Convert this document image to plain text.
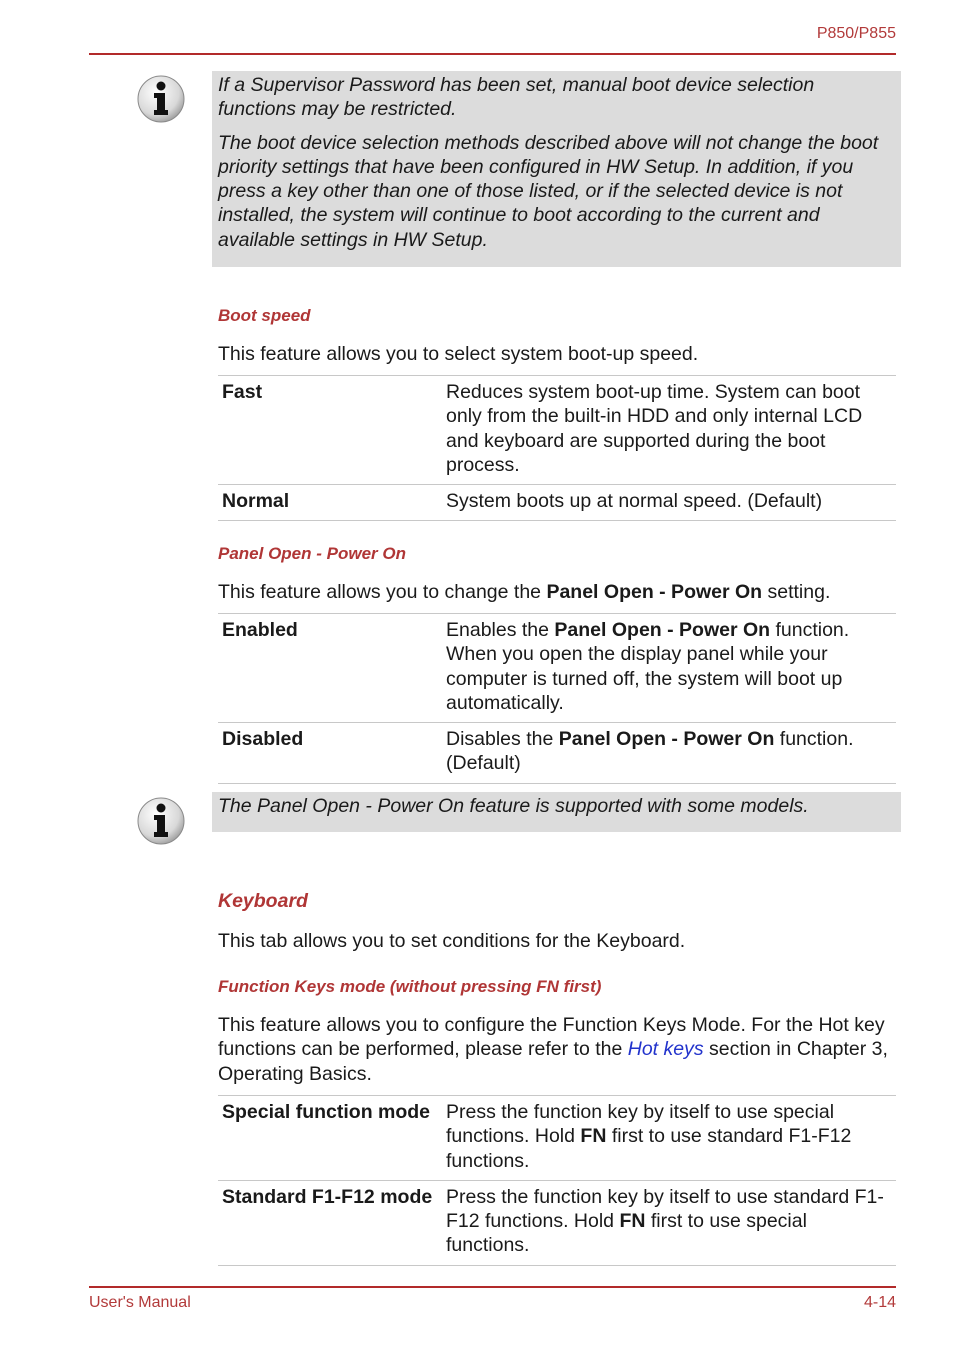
P850/P855

If a Supervisor Password has been set, manual boot device selection functions may be restricted.

The boot device selection methods described above will not change the boot priority settings that have been configured in HW Setup. In addition, if you press a key other than one of those listed, or if the selected device is not installed, the system will continue to boot according to the current and available settings in HW Setup.

Boot speed

This feature allows you to select system boot-up speed.

Fast	Reduces system boot-up time. System can boot only from the built-in HDD and only internal LCD and keyboard are supported during the boot process.
Normal	System boots up at normal speed. (Default)
Panel Open - Power On

This feature allows you to change the Panel Open - Power On setting.

Enabled	Enables the Panel Open - Power On function. When you open the display panel while your computer is turned off, the system will boot up automatically.
Disabled	Disables the Panel Open - Power On function. (Default)

The Panel Open - Power On feature is supported with some models.

Keyboard

This tab allows you to set conditions for the Keyboard.

Function Keys mode (without pressing FN first)

This feature allows you to configure the Function Keys Mode. For the Hot key functions can be performed, please refer to the Hot keys section in Chapter 3, Operating Basics.

Special function mode	Press the function key by itself to use special functions. Hold FN first to use standard F1-F12 functions.
Standard F1-F12 mode	Press the function key by itself to use standard F1-F12 functions. Hold FN first to use special functions.
User's Manual	4-14
